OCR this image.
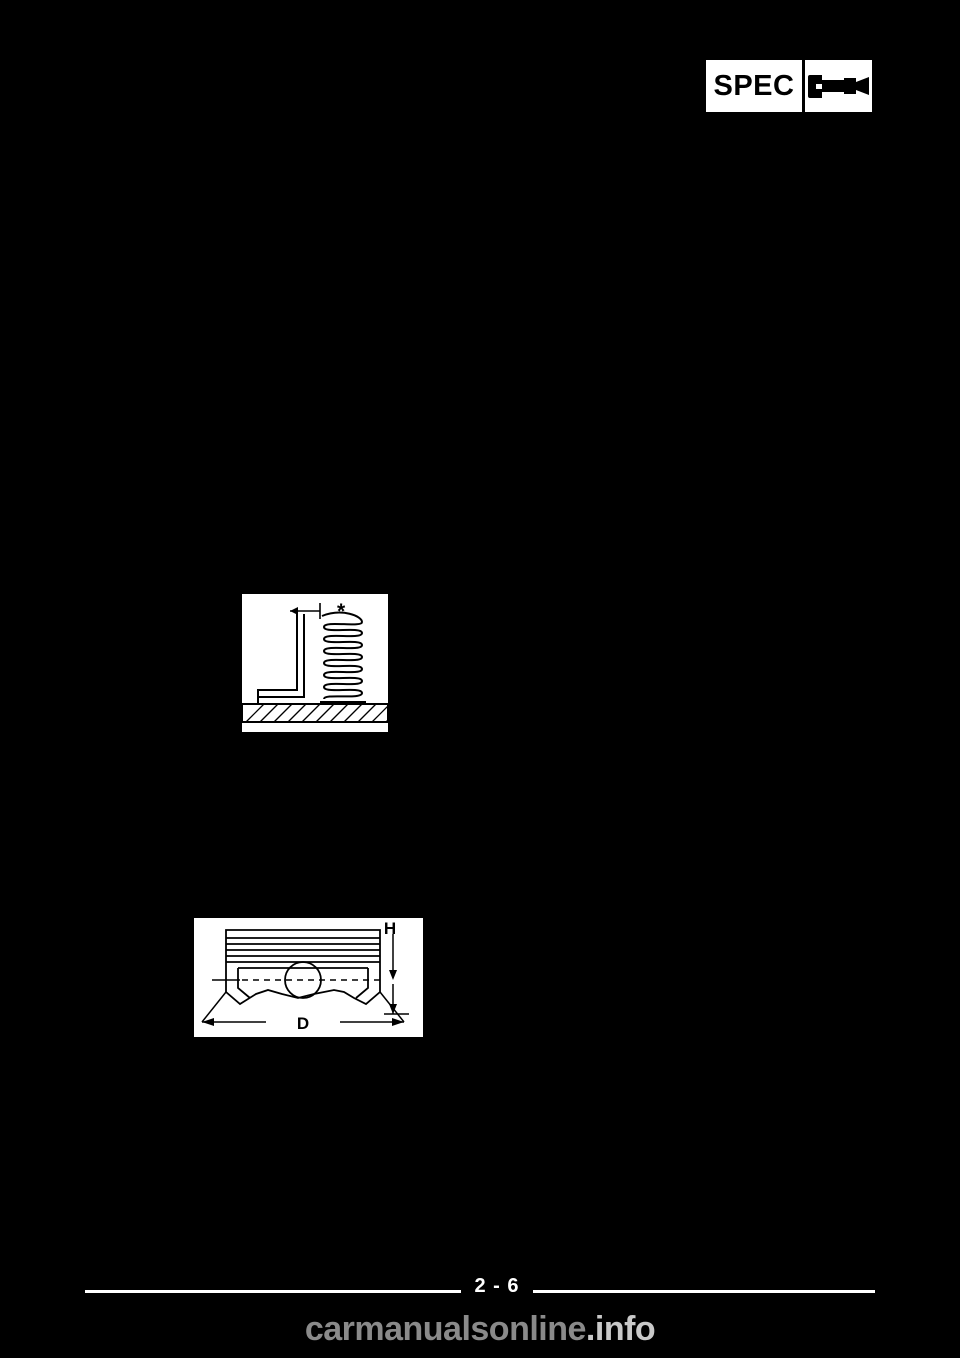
SPEC
*
H
D
2 - 6
carmanualsonline .info
